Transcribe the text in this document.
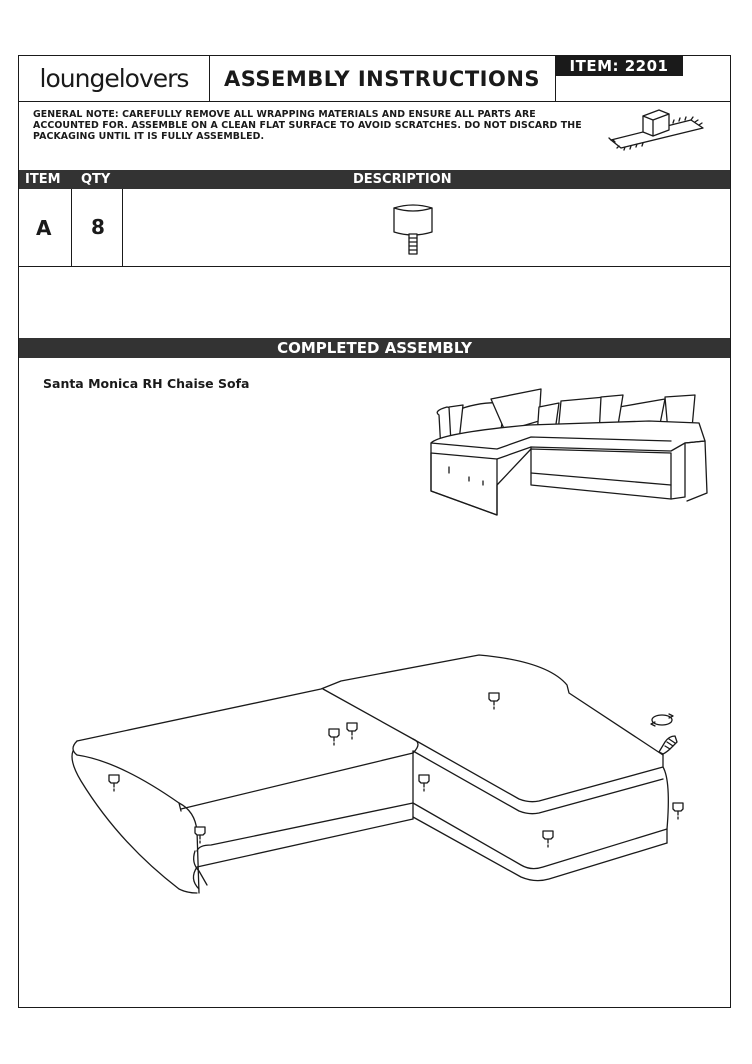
loungelovers	ASSEMBLY INSTRUCTIONS
ITEM: 2201
GENERAL NOTE: CAREFULLY REMOVE ALL WRAPPING MATERIALS AND ENSURE ALL PARTS ARE ACCOUNTED FOR. ASSEMBLE ON A CLEAN FLAT SURFACE TO AVOID SCRATCHES. DO NOT DISCARD THE PACKAGING UNTIL IT IS FULLY ASSEMBLED.
ITEM QTY	DESCRIPTION
A 8
COMPLETED ASSEMBLY
Santa Monica RH Chaise Sofa
